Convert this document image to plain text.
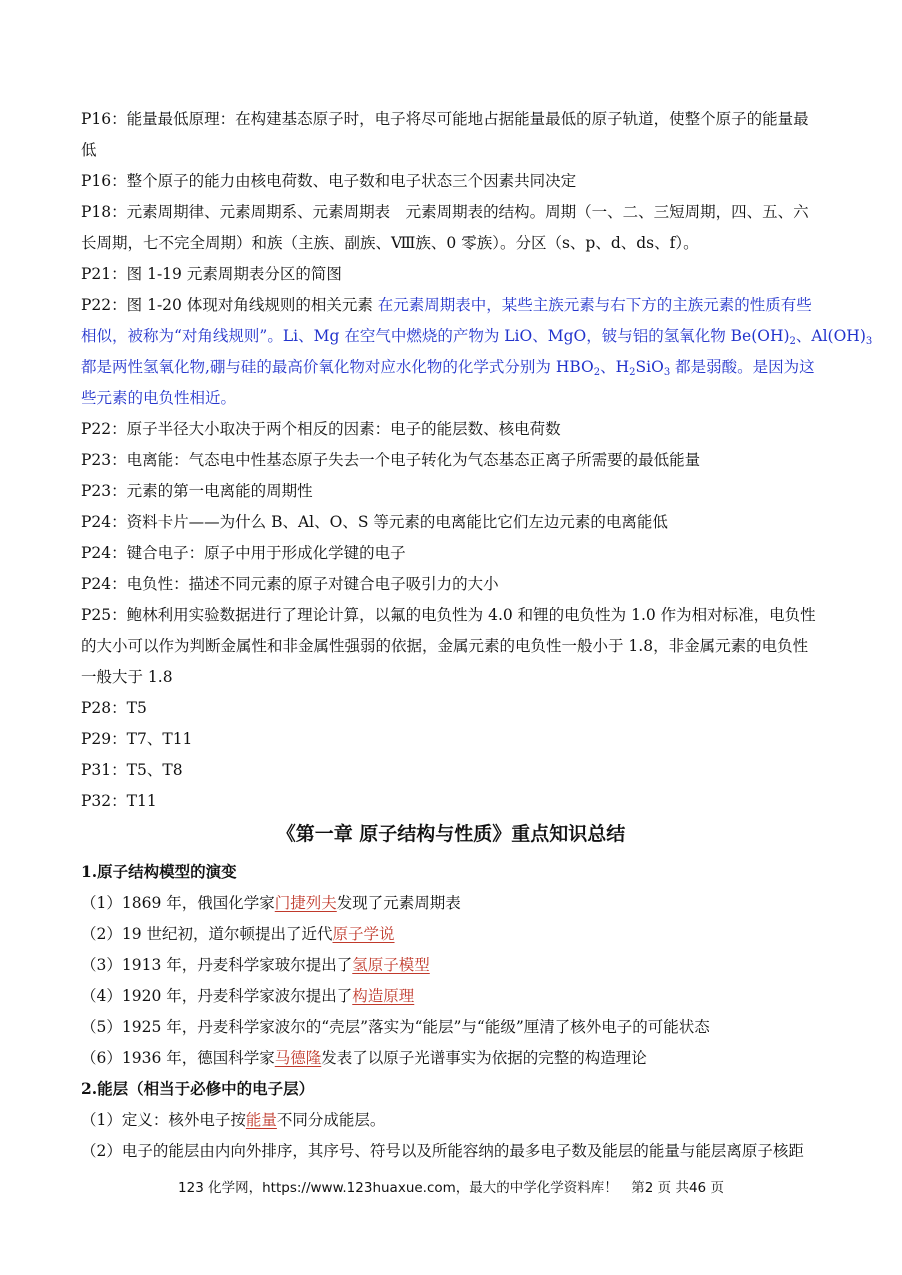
P16：能量最低原理：在构建基态原子时，电子将尽可能地占据能量最低的原子轨道，使整个原子的能量最
低
P16：整个原子的能力由核电荷数、电子数和电子状态三个因素共同决定
P18：元素周期律、元素周期系、元素周期表　元素周期表的结构。周期（一、二、三短周期，四、五、六
长周期，七不完全周期）和族（主族、副族、Ⅷ族、0 零族）。分区（s、p、d、ds、f）。
P21：图 1-19 元素周期表分区的简图
P22：图 1-20 体现对角线规则的相关元素 在元素周期表中，某些主族元素与右下方的主族元素的性质有些
相似，被称为“对角线规则”。Li、Mg 在空气中燃烧的产物为 LiO、MgO，铍与铝的氢氧化物 $Be(OH)_2$、$Al(OH)_3$
都是两性氢氧化物,硼与硅的最高价氧化物对应水化物的化学式分别为 $HBO_2$、$H_2SiO_3$ 都是弱酸。是因为这
些元素的电负性相近。
P22：原子半径大小取决于两个相反的因素：电子的能层数、核电荷数
P23：电离能：气态电中性基态原子失去一个电子转化为气态基态正离子所需要的最低能量
P23：元素的第一电离能的周期性
P24：资料卡片——为什么 B、Al、O、S 等元素的电离能比它们左边元素的电离能低
P24：键合电子：原子中用于形成化学键的电子
P24：电负性：描述不同元素的原子对键合电子吸引力的大小
P25：鲍林利用实验数据进行了理论计算，以氟的电负性为 4.0 和锂的电负性为 1.0 作为相对标准，电负性
的大小可以作为判断金属性和非金属性强弱的依据，金属元素的电负性一般小于 1.8，非金属元素的电负性
一般大于 1.8
P28：T5
P29：T7、T11
P31：T5、T8
P32：T11
《第一章 原子结构与性质》重点知识总结
1.原子结构模型的演变
（1）1869 年，俄国化学家门捷列夫发现了元素周期表
（2）19 世纪初，道尔顿提出了近代原子学说
（3）1913 年，丹麦科学家玻尔提出了氢原子模型
（4）1920 年，丹麦科学家波尔提出了构造原理
（5）1925 年，丹麦科学家波尔的“壳层”落实为“能层”与“能级”厘清了核外电子的可能状态
（6）1936 年，德国科学家马德隆发表了以原子光谱事实为依据的完整的构造理论
2.能层（相当于必修中的电子层）
（1）定义：核外电子按能量不同分成能层。
（2）电子的能层由内向外排序，其序号、符号以及所能容纳的最多电子数及能层的能量与能层离原子核距
123 化学网，https://www.123huaxue.com，最大的中学化学资料库！　第2 页 共46 页
